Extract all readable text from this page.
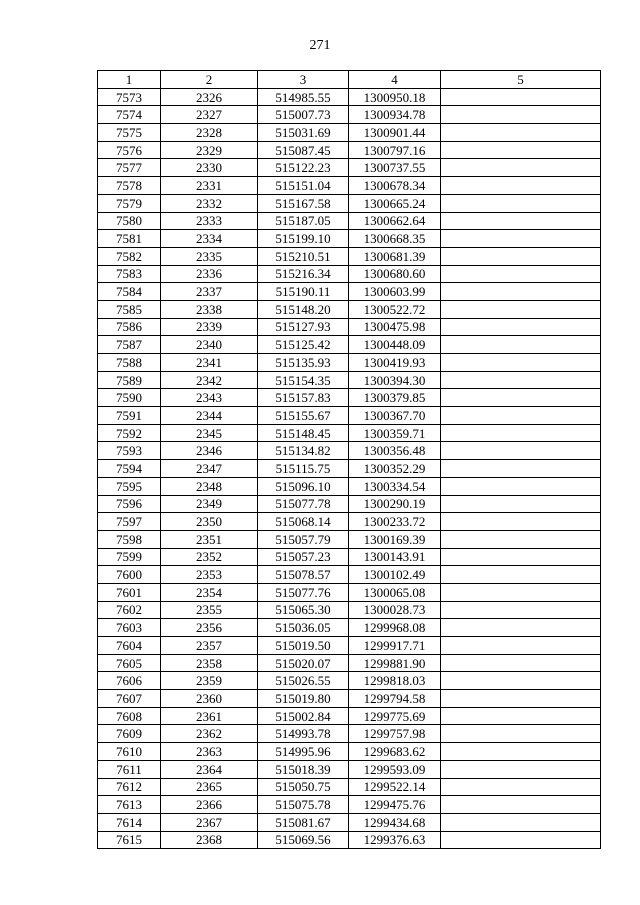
271
1	2	3	4	5
7573	2326	514985.55	1300950.18	
7574	2327	515007.73	1300934.78	
7575	2328	515031.69	1300901.44	
7576	2329	515087.45	1300797.16	
7577	2330	515122.23	1300737.55	
7578	2331	515151.04	1300678.34	
7579	2332	515167.58	1300665.24	
7580	2333	515187.05	1300662.64	
7581	2334	515199.10	1300668.35	
7582	2335	515210.51	1300681.39	
7583	2336	515216.34	1300680.60	
7584	2337	515190.11	1300603.99	
7585	2338	515148.20	1300522.72	
7586	2339	515127.93	1300475.98	
7587	2340	515125.42	1300448.09	
7588	2341	515135.93	1300419.93	
7589	2342	515154.35	1300394.30	
7590	2343	515157.83	1300379.85	
7591	2344	515155.67	1300367.70	
7592	2345	515148.45	1300359.71	
7593	2346	515134.82	1300356.48	
7594	2347	515115.75	1300352.29	
7595	2348	515096.10	1300334.54	
7596	2349	515077.78	1300290.19	
7597	2350	515068.14	1300233.72	
7598	2351	515057.79	1300169.39	
7599	2352	515057.23	1300143.91	
7600	2353	515078.57	1300102.49	
7601	2354	515077.76	1300065.08	
7602	2355	515065.30	1300028.73	
7603	2356	515036.05	1299968.08	
7604	2357	515019.50	1299917.71	
7605	2358	515020.07	1299881.90	
7606	2359	515026.55	1299818.03	
7607	2360	515019.80	1299794.58	
7608	2361	515002.84	1299775.69	
7609	2362	514993.78	1299757.98	
7610	2363	514995.96	1299683.62	
7611	2364	515018.39	1299593.09	
7612	2365	515050.75	1299522.14	
7613	2366	515075.78	1299475.76	
7614	2367	515081.67	1299434.68	
7615	2368	515069.56	1299376.63	
